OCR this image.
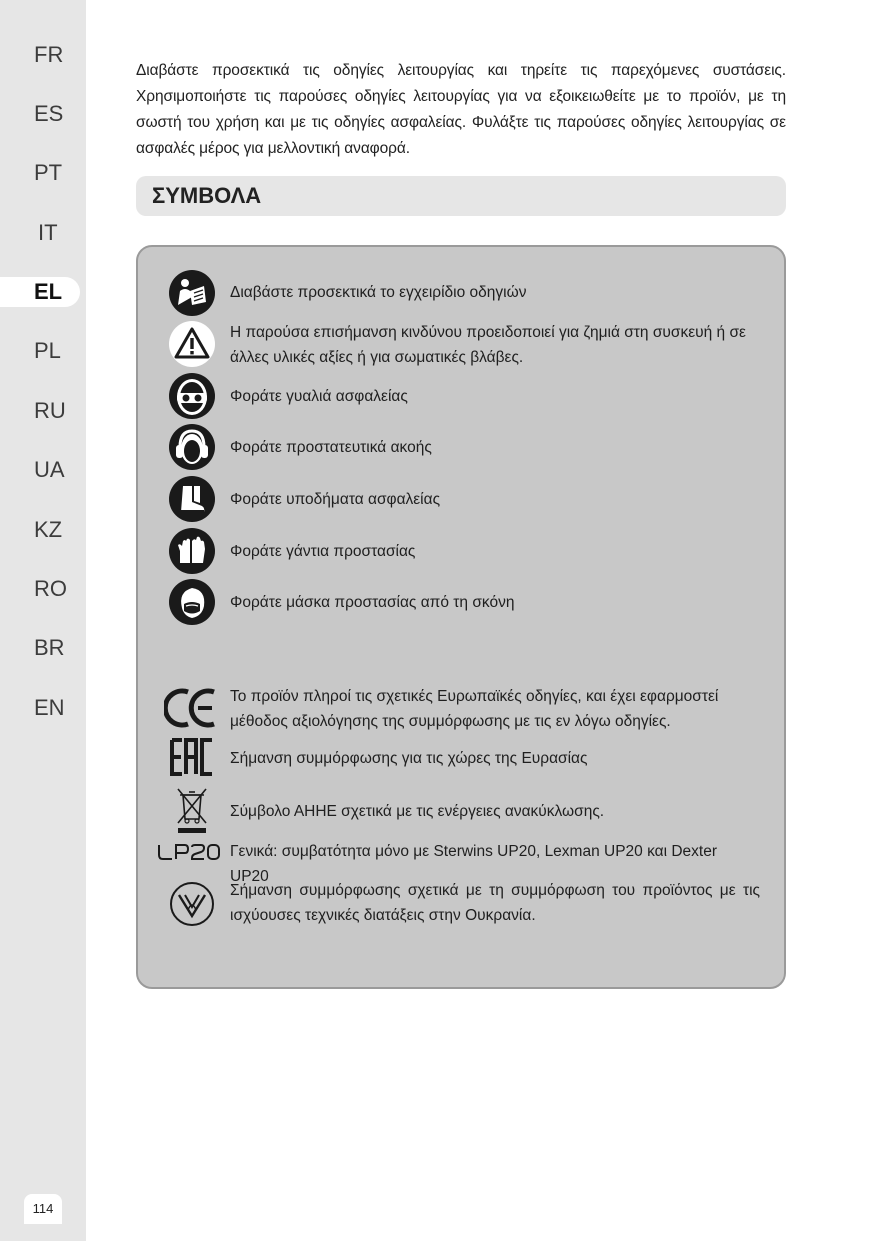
FR
ES
PT
IT
EL
PL
RU
UA
KZ
RO
BR
EN
114
Διαβάστε προσεκτικά τις οδηγίες λειτουργίας και τηρείτε τις παρεχόμενες συστάσεις. Χρησιμοποιήστε τις παρούσες οδηγίες λειτουργίας για να εξοικειωθείτε με το προϊόν, με τη σωστή του χρήση και με τις οδηγίες ασφαλείας. Φυλάξτε τις παρούσες οδηγίες λειτουργίας σε ασφαλές μέρος για μελλοντική αναφορά.
ΣΥΜΒΟΛΑ
Διαβάστε προσεκτικά το εγχειρίδιο οδηγιών
Η παρούσα επισήμανση κινδύνου προειδοποιεί για ζημιά στη συσκευή ή σε άλλες υλικές αξίες ή για σωματικές βλάβες.
Φοράτε γυαλιά ασφαλείας
Φοράτε προστατευτικά ακοής
Φοράτε υποδήματα ασφαλείας
Φοράτε γάντια προστασίας
Φοράτε μάσκα προστασίας από τη σκόνη
Το προϊόν πληροί τις σχετικές Ευρωπαϊκές οδηγίες, και έχει εφαρμοστεί μέθοδος αξιολόγησης της συμμόρφωσης με τις εν λόγω οδηγίες.
Σήμανση συμμόρφωσης για τις χώρες της Ευρασίας
Σύμβολο ΑΗΗΕ σχετικά με τις ενέργειες ανακύκλωσης.
Γενικά: συμβατότητα μόνο με Sterwins UP20, Lexman UP20 και Dexter UP20
Σήμανση συμμόρφωσης σχετικά με τη συμμόρφωση του προϊόντος με τις ισχύουσες τεχνικές διατάξεις στην Ουκρανία.
